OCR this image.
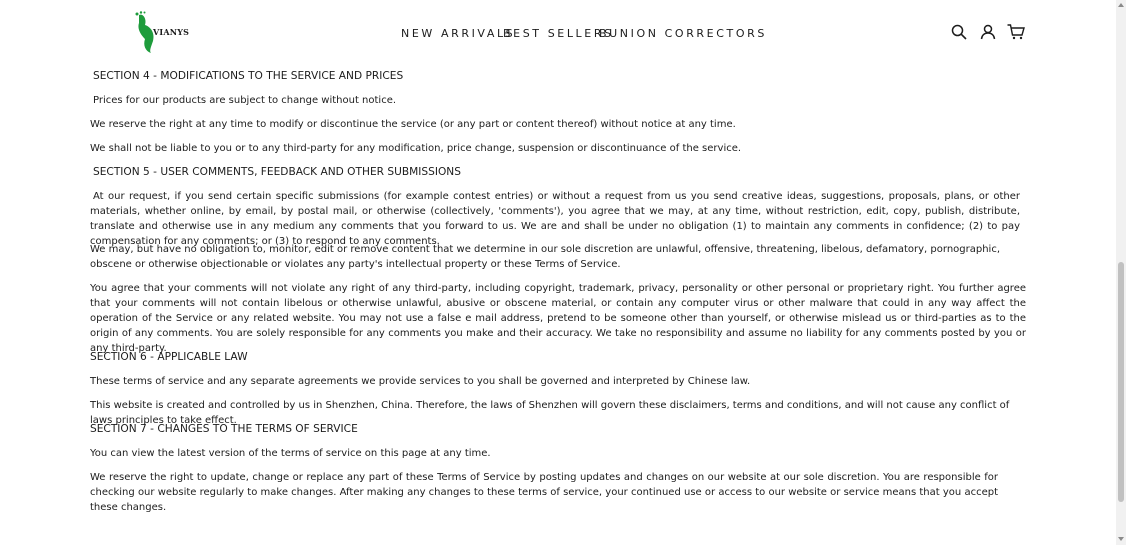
VIANYS	NEW ARRIVALS
BEST SELLERS
BUNION CORRECTORS

SECTION 4 - MODIFICATIONS TO THE SERVICE AND PRICES

Prices for our products are subject to change without notice.

We reserve the right at any time to modify or discontinue the service (or any part or content thereof) without notice at any time.

We shall not be liable to you or to any third-party for any modification, price change, suspension or discontinuance of the service.

SECTION 5 - USER COMMENTS, FEEDBACK AND OTHER SUBMISSIONS

At our request, if you send certain specific submissions (for example contest entries) or without a request from us you send creative ideas, suggestions, proposals, plans, or other materials, whether online, by email, by postal mail, or otherwise (collectively, 'comments'), you agree that we may, at any time, without restriction, edit, copy, publish, distribute, translate and otherwise use in any medium any comments that you forward to us. We are and shall be under no obligation (1) to maintain any comments in confidence; (2) to pay compensation for any comments; or (3) to respond to any comments.

We may, but have no obligation to, monitor, edit or remove content that we determine in our sole discretion are unlawful, offensive, threatening, libelous, defamatory, pornographic, obscene or otherwise objectionable or violates any party's intellectual property or these Terms of Service.

You agree that your comments will not violate any right of any third-party, including copyright, trademark, privacy, personality or other personal or proprietary right. You further agree that your comments will not contain libelous or otherwise unlawful, abusive or obscene material, or contain any computer virus or other malware that could in any way affect the operation of the Service or any related website. You may not use a false e mail address, pretend to be someone other than yourself, or otherwise mislead us or third-parties as to the origin of any comments. You are solely responsible for any comments you make and their accuracy. We take no responsibility and assume no liability for any comments posted by you or any third-party.

SECTION 6 - APPLICABLE LAW

These terms of service and any separate agreements we provide services to you shall be governed and interpreted by Chinese law.

This website is created and controlled by us in Shenzhen, China. Therefore, the laws of Shenzhen will govern these disclaimers, terms and conditions, and will not cause any conflict of laws principles to take effect.

SECTION 7 - CHANGES TO THE TERMS OF SERVICE

You can view the latest version of the terms of service on this page at any time.

We reserve the right to update, change or replace any part of these Terms of Service by posting updates and changes on our website at our sole discretion. You are responsible for checking our website regularly to make changes. After making any changes to these terms of service, your continued use or access to our website or service means that you accept these changes.
